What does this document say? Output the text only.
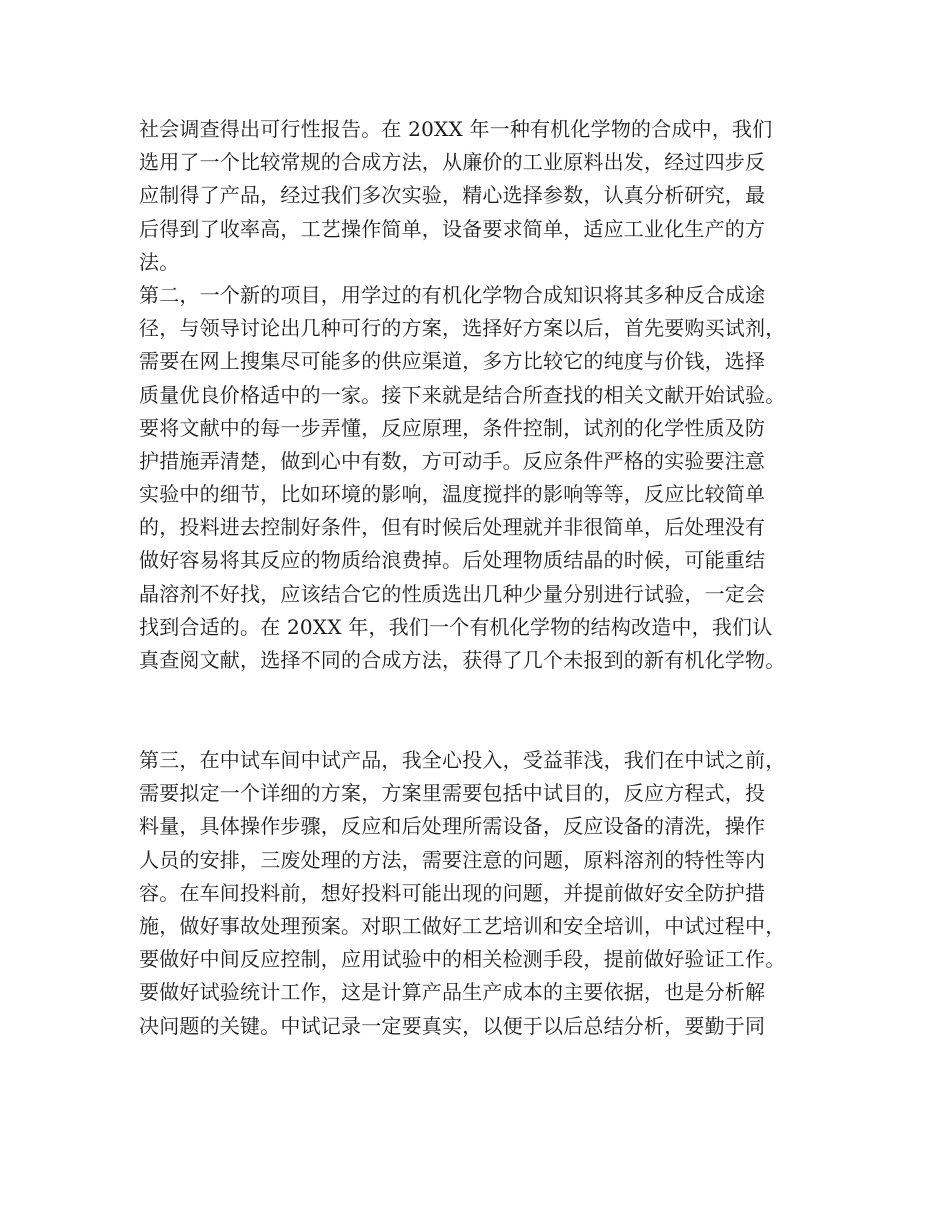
社会调查得出可行性报告。在 20XX 年一种有机化学物的合成中，我们
选用了一个比较常规的合成方法，从廉价的工业原料出发，经过四步反
应制得了产品，经过我们多次实验，精心选择参数，认真分析研究，最
后得到了收率高，工艺操作简单，设备要求简单，适应工业化生产的方
法。
第二，一个新的项目，用学过的有机化学物合成知识将其多种反合成途
径，与领导讨论出几种可行的方案，选择好方案以后，首先要购买试剂，
需要在网上搜集尽可能多的供应渠道，多方比较它的纯度与价钱，选择
质量优良价格适中的一家。接下来就是结合所查找的相关文献开始试验。
要将文献中的每一步弄懂，反应原理，条件控制，试剂的化学性质及防
护措施弄清楚，做到心中有数，方可动手。反应条件严格的实验要注意
实验中的细节，比如环境的影响，温度搅拌的影响等等，反应比较简单
的，投料进去控制好条件，但有时候后处理就并非很简单，后处理没有
做好容易将其反应的物质给浪费掉。后处理物质结晶的时候，可能重结
晶溶剂不好找，应该结合它的性质选出几种少量分别进行试验，一定会
找到合适的。在 20XX 年，我们一个有机化学物的结构改造中，我们认
真查阅文献，选择不同的合成方法，获得了几个未报到的新有机化学物。
第三，在中试车间中试产品，我全心投入，受益菲浅，我们在中试之前，
需要拟定一个详细的方案，方案里需要包括中试目的，反应方程式，投
料量，具体操作步骤，反应和后处理所需设备，反应设备的清洗，操作
人员的安排，三废处理的方法，需要注意的问题，原料溶剂的特性等内
容。在车间投料前，想好投料可能出现的问题，并提前做好安全防护措
施，做好事故处理预案。对职工做好工艺培训和安全培训，中试过程中，
要做好中间反应控制，应用试验中的相关检测手段，提前做好验证工作。
要做好试验统计工作，这是计算产品生产成本的主要依据，也是分析解
决问题的关键。中试记录一定要真实，以便于以后总结分析，要勤于同
